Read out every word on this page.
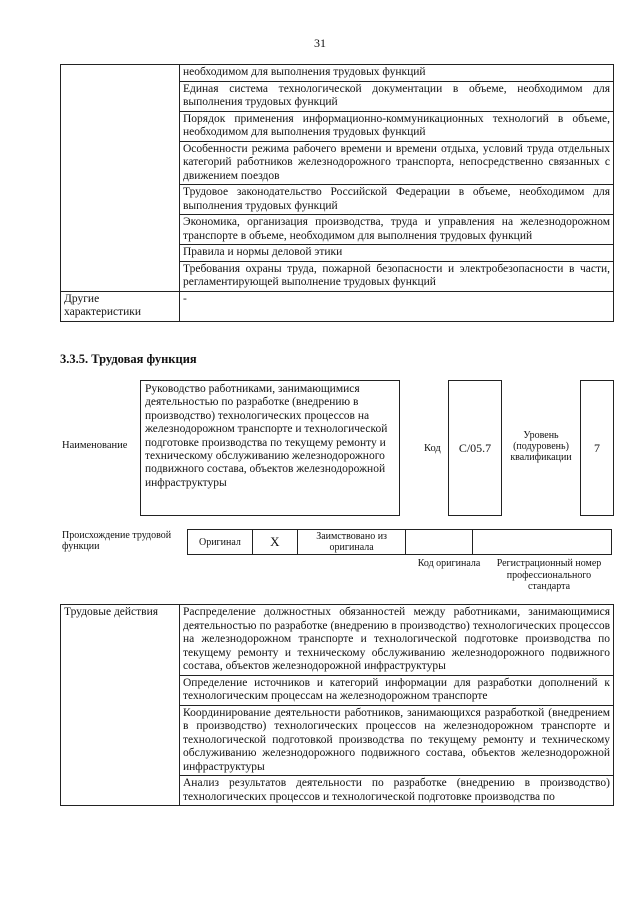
31
	необходимом для выполнения трудовых функций
	Единая система технологической документации в объеме, необходимом для выполнения трудовых функций
	Порядок применения информационно-коммуникационных технологий в объеме, необходимом для выполнения трудовых функций
	Особенности режима рабочего времени и времени отдыха, условий труда отдельных категорий работников железнодорожного транспорта, непосредственно связанных с движением поездов
	Трудовое законодательство Российской Федерации в объеме, необходимом для выполнения трудовых функций
	Экономика, организация производства, труда и управления на железнодорожном транспорте в объеме, необходимом для выполнения трудовых функций
	Правила и нормы деловой этики
	Требования охраны труда, пожарной безопасности и электробезопасности в части, регламентирующей выполнение трудовых функций
Другие характеристики	-
3.3.5. Трудовая функция
Наименование
Руководство работниками, занимающимися деятельностью по разработке (внедрению в производство) технологических процессов на железнодорожном транспорте и технологической подготовке производства по текущему ремонту и техническому обслуживанию железнодорожного подвижного состава, объектов железнодорожной инфраструктуры
Код	C/05.7
Уровень (подуровень) квалификации
7
Происхождение трудовой функции	Оригинал	X	Заимствовано из оригинала
Код оригинала	Регистрационный номер профессионального стандарта
Трудовые действия	Распределение должностных обязанностей между работниками, занимающимися деятельностью по разработке (внедрению в производство) технологических процессов на железнодорожном транспорте и технологической подготовке производства по текущему ремонту и техническому обслуживанию железнодорожного подвижного состава, объектов железнодорожной инфраструктуры
Определение источников и категорий информации для разработки дополнений к технологическим процессам на железнодорожном транспорте
Координирование деятельности работников, занимающихся разработкой (внедрением в производство) технологических процессов на железнодорожном транспорте и технологической подготовкой производства по текущему ремонту и техническому обслуживанию железнодорожного подвижного состава, объектов железнодорожной инфраструктуры
Анализ результатов деятельности по разработке (внедрению в производство) технологических процессов и технологической подготовке производства по
